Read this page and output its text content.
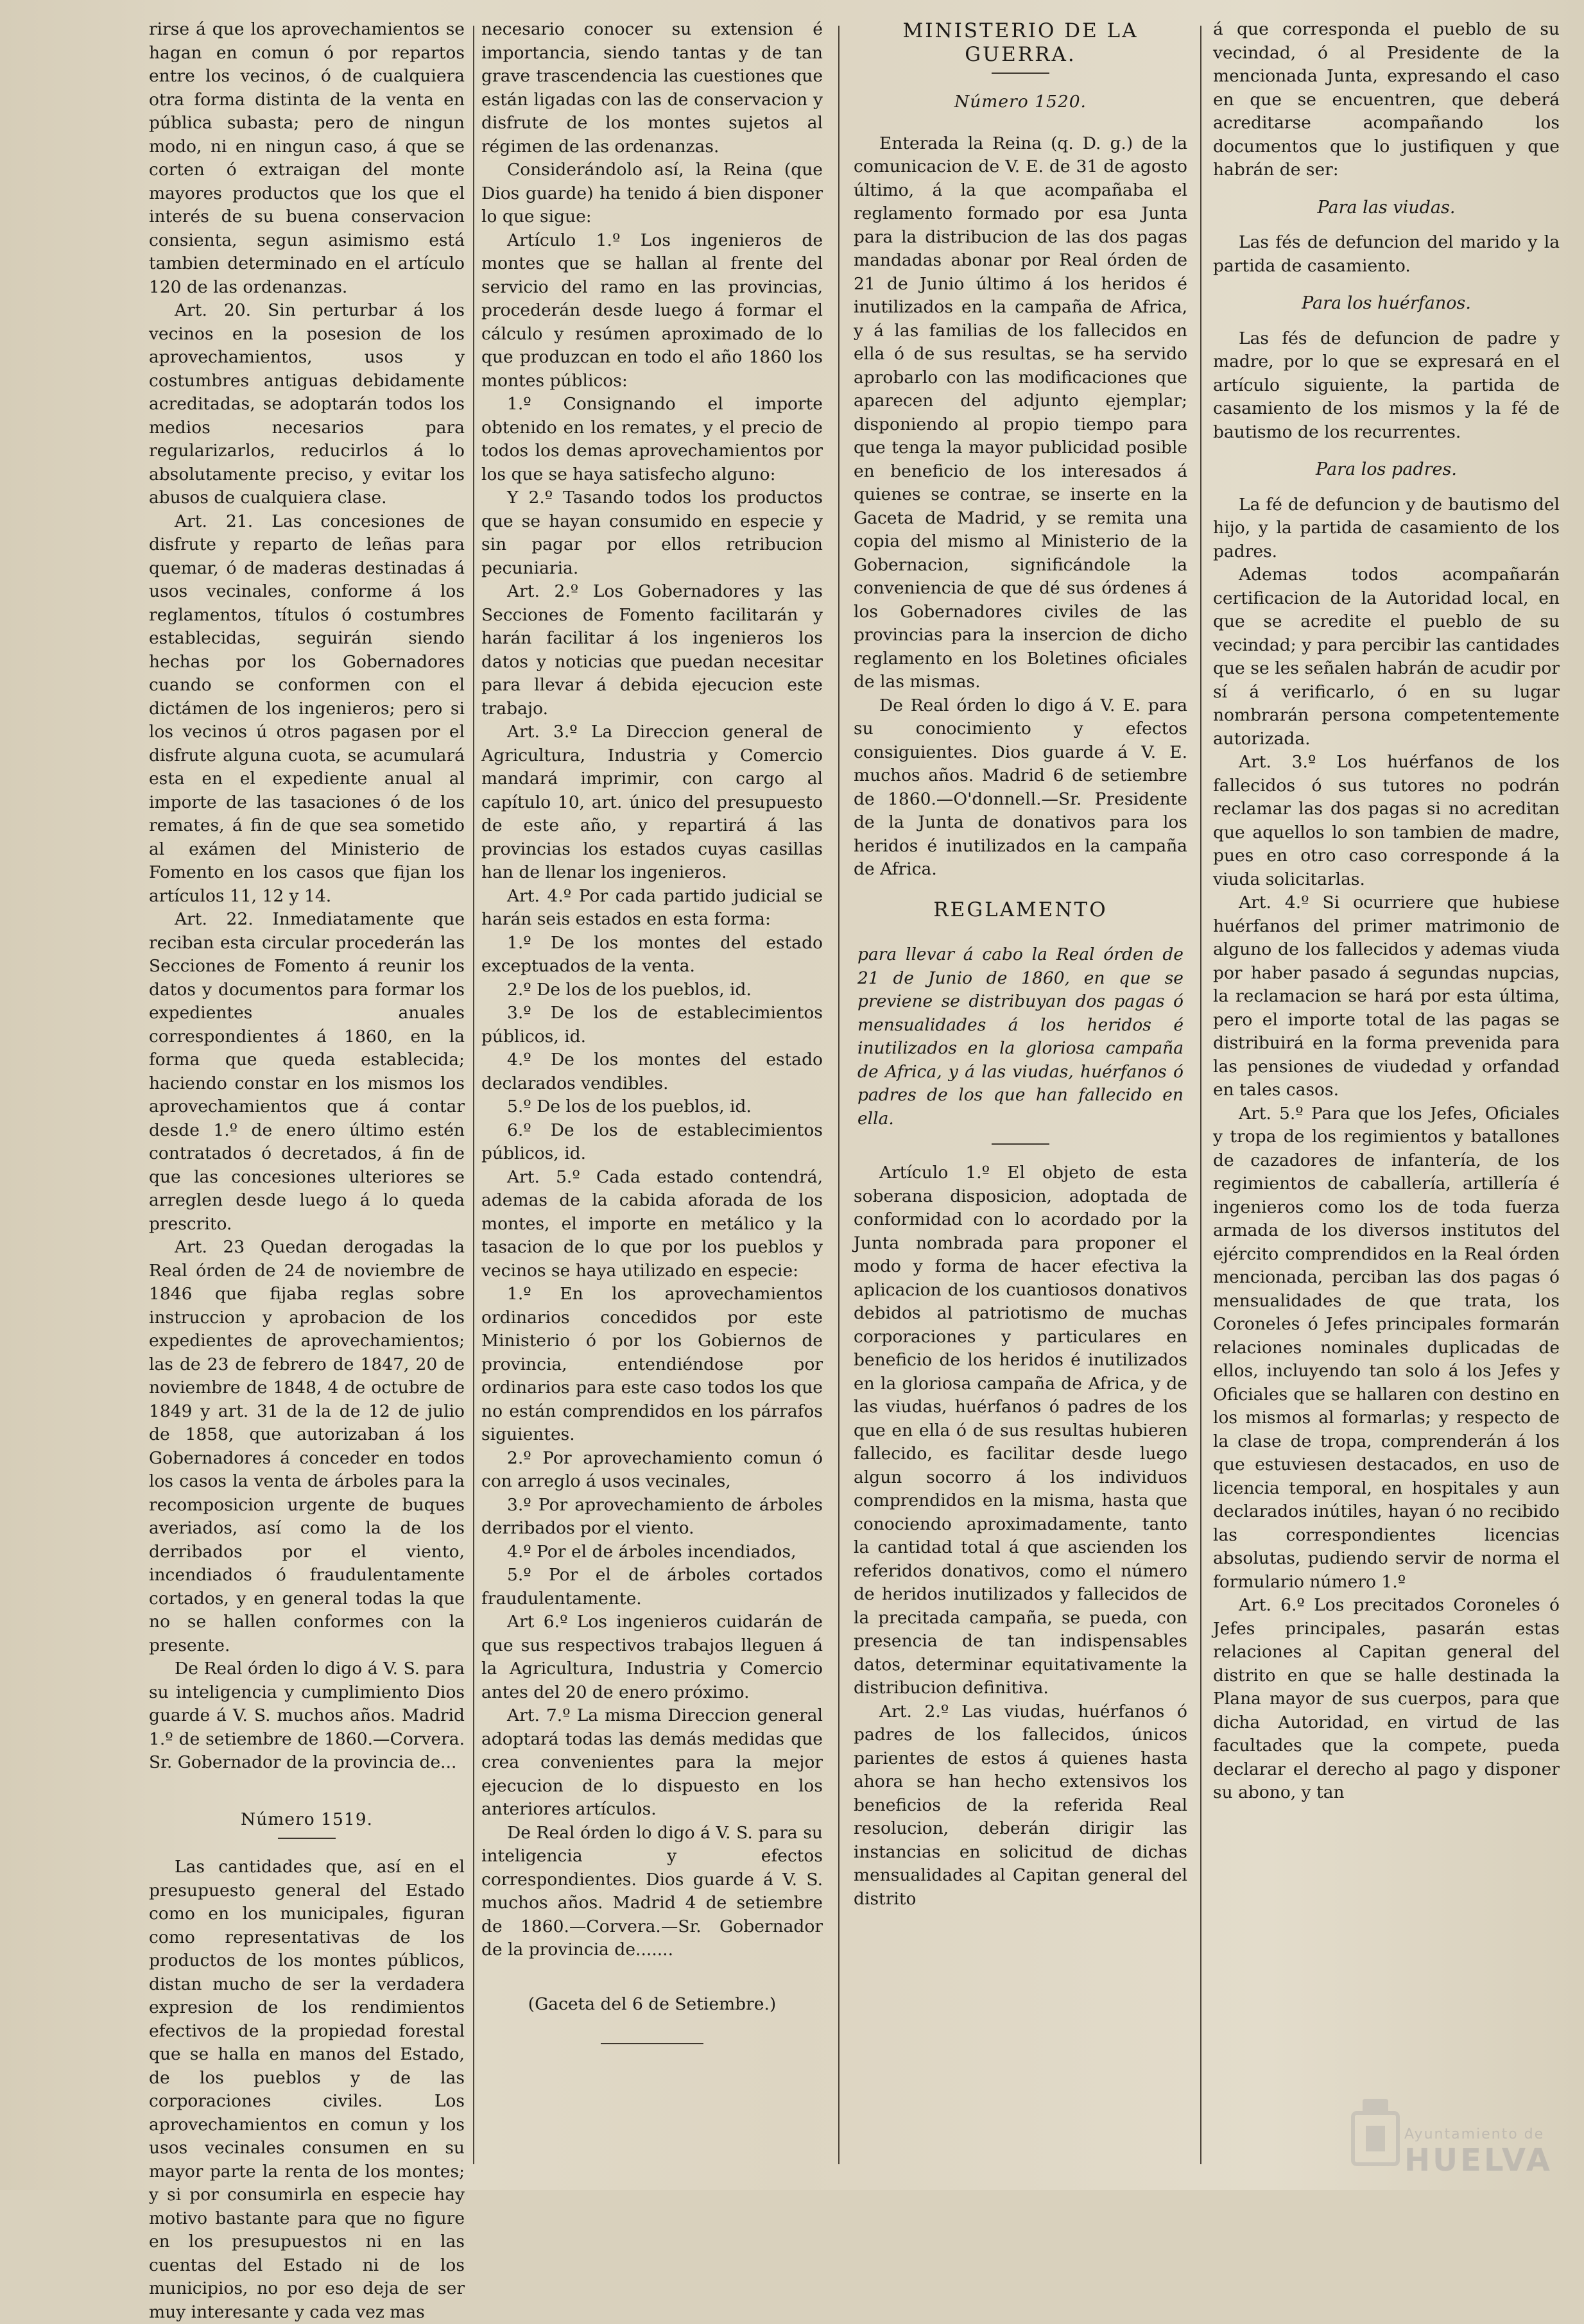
rirse á que los aprovechamientos se hagan en comun ó por repartos entre los vecinos, ó de cualquiera otra forma distinta de la venta en pública subasta; pero de ningun modo, ni en ningun caso, á que se corten ó extraigan del monte mayores productos que los que el interés de su buena conservacion consienta, segun asimismo está tambien determinado en el artículo 120 de las ordenanzas.

Art. 20. Sin perturbar á los vecinos en la posesion de los aprovechamientos, usos y costumbres antiguas debidamente acreditadas, se adoptarán todos los medios necesarios para regularizarlos, reducirlos á lo absolutamente preciso, y evitar los abusos de cualquiera clase.

Art. 21. Las concesiones de disfrute y reparto de leñas para quemar, ó de maderas destinadas á usos vecinales, conforme á los reglamentos, títulos ó costumbres establecidas, seguirán siendo hechas por los Gobernadores cuando se conformen con el dictámen de los ingenieros; pero si los vecinos ú otros pagasen por el disfrute alguna cuota, se acumulará esta en el expediente anual al importe de las tasaciones ó de los remates, á fin de que sea sometido al exámen del Ministerio de Fomento en los casos que fijan los artículos 11, 12 y 14.

Art. 22. Inmediatamente que reciban esta circular procederán las Secciones de Fomento á reunir los datos y documentos para formar los expedientes anuales correspondientes á 1860, en la forma que queda establecida; haciendo constar en los mismos los aprovechamientos que á contar desde 1.º de enero último estén contratados ó decretados, á fin de que las concesiones ulteriores se arreglen desde luego á lo queda prescrito.

Art. 23 Quedan derogadas la Real órden de 24 de noviembre de 1846 que fijaba reglas sobre instruccion y aprobacion de los expedientes de aprovechamientos; las de 23 de febrero de 1847, 20 de noviembre de 1848, 4 de octubre de 1849 y art. 31 de la de 12 de julio de 1858, que autorizaban á los Gobernadores á conceder en todos los casos la venta de árboles para la recomposicion urgente de buques averiados, así como la de los derribados por el viento, incendiados ó fraudulentamente cortados, y en general todas la que no se hallen conformes con la presente.

De Real órden lo digo á V. S. para su inteligencia y cumplimiento Dios guarde á V. S. muchos años. Madrid 1.º de setiembre de 1860.—Corvera. Sr. Gobernador de la provincia de...

Número 1519.

Las cantidades que, así en el presupuesto general del Estado como en los municipales, figuran como representativas de los productos de los montes públicos, distan mucho de ser la verdadera expresion de los rendimientos efectivos de la propiedad forestal que se halla en manos del Estado, de los pueblos y de las corporaciones civiles. Los aprovechamientos en comun y los usos vecinales consumen en su mayor parte la renta de los montes; y si por consumirla en especie hay motivo bastante para que no figure en los presupuestos ni en las cuentas del Estado ni de los municipios, no por eso deja de ser muy interesante y cada vez mas

necesario conocer su extension é importancia, siendo tantas y de tan grave trascendencia las cuestiones que están ligadas con las de conservacion y disfrute de los montes sujetos al régimen de las ordenanzas.

Considerándolo así, la Reina (que Dios guarde) ha tenido á bien disponer lo que sigue:

Artículo 1.º Los ingenieros de montes que se hallan al frente del servicio del ramo en las provincias, procederán desde luego á formar el cálculo y resúmen aproximado de lo que produzcan en todo el año 1860 los montes públicos:

1.º Consignando el importe obtenido en los remates, y el precio de todos los demas aprovechamientos por los que se haya satisfecho alguno:

Y 2.º Tasando todos los productos que se hayan consumido en especie y sin pagar por ellos retribucion pecuniaria.

Art. 2.º Los Gobernadores y las Secciones de Fomento facilitarán y harán facilitar á los ingenieros los datos y noticias que puedan necesitar para llevar á debida ejecucion este trabajo.

Art. 3.º La Direccion general de Agricultura, Industria y Comercio mandará imprimir, con cargo al capítulo 10, art. único del presupuesto de este año, y repartirá á las provincias los estados cuyas casillas han de llenar los ingenieros.

Art. 4.º Por cada partido judicial se harán seis estados en esta forma:

1.º De los montes del estado exceptuados de la venta.

2.º De los de los pueblos, id.

3.º De los de establecimientos públicos, id.

4.º De los montes del estado declarados vendibles.

5.º De los de los pueblos, id.

6.º De los de establecimientos públicos, id.

Art. 5.º Cada estado contendrá, ademas de la cabida aforada de los montes, el importe en metálico y la tasacion de lo que por los pueblos y vecinos se haya utilizado en especie:

1.º En los aprovechamientos ordinarios concedidos por este Ministerio ó por los Gobiernos de provincia, entendiéndose por ordinarios para este caso todos los que no están comprendidos en los párrafos siguientes.

2.º Por aprovechamiento comun ó con arreglo á usos vecinales,

3.º Por aprovechamiento de árboles derribados por el viento.

4.º Por el de árboles incendiados,

5.º Por el de árboles cortados fraudulentamente.

Art 6.º Los ingenieros cuidarán de que sus respectivos trabajos lleguen á la Agricultura, Industria y Comercio antes del 20 de enero próximo.

Art. 7.º La misma Direccion general adoptará todas las demás medidas que crea convenientes para la mejor ejecucion de lo dispuesto en los anteriores artículos.

De Real órden lo digo á V. S. para su inteligencia y efectos correspondientes. Dios guarde á V. S. muchos años. Madrid 4 de setiembre de 1860.—Corvera.—Sr. Gobernador de la provincia de.......

(Gaceta del 6 de Setiembre.)

MINISTERIO DE LA GUERRA.

Número 1520.

Enterada la Reina (q. D. g.) de la comunicacion de V. E. de 31 de agosto último, á la que acompañaba el reglamento formado por esa Junta para la distribucion de las dos pagas mandadas abonar por Real órden de 21 de Junio último á los heridos é inutilizados en la campaña de Africa, y á las familias de los fallecidos en ella ó de sus resultas, se ha servido aprobarlo con las modificaciones que aparecen del adjunto ejemplar; disponiendo al propio tiempo para que tenga la mayor publicidad posible en beneficio de los interesados á quienes se contrae, se inserte en la Gaceta de Madrid, y se remita una copia del mismo al Ministerio de la Gobernacion, significándole la conveniencia de que dé sus órdenes á los Gobernadores civiles de las provincias para la insercion de dicho reglamento en los Boletines oficiales de las mismas.

De Real órden lo digo á V. E. para su conocimiento y efectos consiguientes. Dios guarde á V. E. muchos años. Madrid 6 de setiembre de 1860.—O'donnell.—Sr. Presidente de la Junta de donativos para los heridos é inutilizados en la campaña de Africa.

REGLAMENTO

para llevar á cabo la Real órden de 21 de Junio de 1860, en que se previene se distribuyan dos pagas ó mensualidades á los heridos é inutilizados en la gloriosa campaña de Africa, y á las viudas, huérfanos ó padres de los que han fallecido en ella.

Artículo 1.º El objeto de esta soberana disposicion, adoptada de conformidad con lo acordado por la Junta nombrada para proponer el modo y forma de hacer efectiva la aplicacion de los cuantiosos donativos debidos al patriotismo de muchas corporaciones y particulares en beneficio de los heridos é inutilizados en la gloriosa campaña de Africa, y de las viudas, huérfanos ó padres de los que en ella ó de sus resultas hubieren fallecido, es facilitar desde luego algun socorro á los individuos comprendidos en la misma, hasta que conociendo aproximadamente, tanto la cantidad total á que ascienden los referidos donativos, como el número de heridos inutilizados y fallecidos de la precitada campaña, se pueda, con presencia de tan indispensables datos, determinar equitativamente la distribucion definitiva.

Art. 2.º Las viudas, huérfanos ó padres de los fallecidos, únicos parientes de estos á quienes hasta ahora se han hecho extensivos los beneficios de la referida Real resolucion, deberán dirigir las instancias en solicitud de dichas mensualidades al Capitan general del distrito

á que corresponda el pueblo de su vecindad, ó al Presidente de la mencionada Junta, expresando el caso en que se encuentren, que deberá acreditarse acompañando los documentos que lo justifiquen y que habrán de ser:

Para las viudas.

Las fés de defuncion del marido y la partida de casamiento.

Para los huérfanos.

Las fés de defuncion de padre y madre, por lo que se expresará en el artículo siguiente, la partida de casamiento de los mismos y la fé de bautismo de los recurrentes.

Para los padres.

La fé de defuncion y de bautismo del hijo, y la partida de casamiento de los padres.

Ademas todos acompañarán certificacion de la Autoridad local, en que se acredite el pueblo de su vecindad; y para percibir las cantidades que se les señalen habrán de acudir por sí á verificarlo, ó en su lugar nombrarán persona competentemente autorizada.

Art. 3.º Los huérfanos de los fallecidos ó sus tutores no podrán reclamar las dos pagas si no acreditan que aquellos lo son tambien de madre, pues en otro caso corresponde á la viuda solicitarlas.

Art. 4.º Si ocurriere que hubiese huérfanos del primer matrimonio de alguno de los fallecidos y ademas viuda por haber pasado á segundas nupcias, la reclamacion se hará por esta última, pero el importe total de las pagas se distribuirá en la forma prevenida para las pensiones de viudedad y orfandad en tales casos.

Art. 5.º Para que los Jefes, Oficiales y tropa de los regimientos y batallones de cazadores de infantería, de los regimientos de caballería, artillería é ingenieros como los de toda fuerza armada de los diversos institutos del ejército comprendidos en la Real órden mencionada, perciban las dos pagas ó mensualidades de que trata, los Coroneles ó Jefes principales formarán relaciones nominales duplicadas de ellos, incluyendo tan solo á los Jefes y Oficiales que se hallaren con destino en los mismos al formarlas; y respecto de la clase de tropa, comprenderán á los que estuviesen destacados, en uso de licencia temporal, en hospitales y aun declarados inútiles, hayan ó no recibido las correspondientes licencias absolutas, pudiendo servir de norma el formulario número 1.º

Art. 6.º Los precitados Coroneles ó Jefes principales, pasarán estas relaciones al Capitan general del distrito en que se halle destinada la Plana mayor de sus cuerpos, para que dicha Autoridad, en virtud de las facultades que la compete, pueda declarar el derecho al pago y disponer su abono, y tan

Ayuntamiento de
HUELVA
